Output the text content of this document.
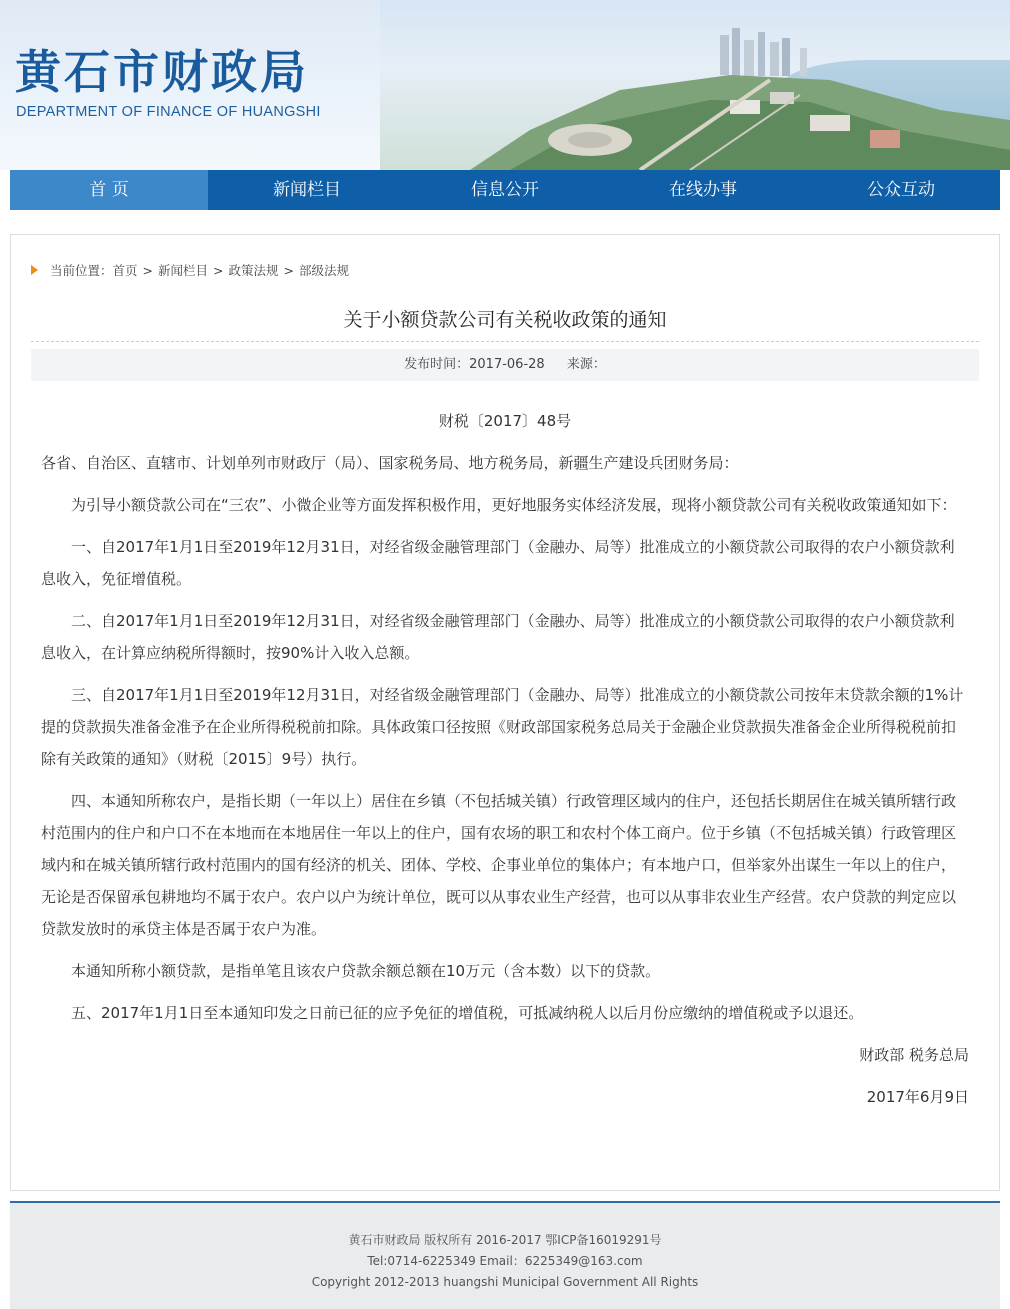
黄石市财政局
DEPARTMENT OF FINANCE OF HUANGSHI
首 页	新闻栏目	信息公开	在线办事	公众互动
当前位置： 首页 > 新闻栏目 > 政策法规 > 部级法规
关于小额贷款公司有关税收政策的通知
发布时间：2017-06-28 来源：

财税〔2017〕48号

各省、自治区、直辖市、计划单列市财政厅（局）、国家税务局、地方税务局，新疆生产建设兵团财务局：

为引导小额贷款公司在“三农”、小微企业等方面发挥积极作用，更好地服务实体经济发展，现将小额贷款公司有关税收政策通知如下：

一、自2017年1月1日至2019年12月31日，对经省级金融管理部门（金融办、局等）批准成立的小额贷款公司取得的农户小额贷款利息收入，免征增值税。

二、自2017年1月1日至2019年12月31日，对经省级金融管理部门（金融办、局等）批准成立的小额贷款公司取得的农户小额贷款利息收入，在计算应纳税所得额时，按90%计入收入总额。

三、自2017年1月1日至2019年12月31日，对经省级金融管理部门（金融办、局等）批准成立的小额贷款公司按年末贷款余额的1%计提的贷款损失准备金准予在企业所得税税前扣除。具体政策口径按照《财政部国家税务总局关于金融企业贷款损失准备金企业所得税税前扣除有关政策的通知》（财税〔2015〕9号）执行。

四、本通知所称农户，是指长期（一年以上）居住在乡镇（不包括城关镇）行政管理区域内的住户，还包括长期居住在城关镇所辖行政村范围内的住户和户口不在本地而在本地居住一年以上的住户，国有农场的职工和农村个体工商户。位于乡镇（不包括城关镇）行政管理区域内和在城关镇所辖行政村范围内的国有经济的机关、团体、学校、企事业单位的集体户；有本地户口，但举家外出谋生一年以上的住户，无论是否保留承包耕地均不属于农户。农户以户为统计单位，既可以从事农业生产经营，也可以从事非农业生产经营。农户贷款的判定应以贷款发放时的承贷主体是否属于农户为准。

本通知所称小额贷款，是指单笔且该农户贷款余额总额在10万元（含本数）以下的贷款。

五、2017年1月1日至本通知印发之日前已征的应予免征的增值税，可抵减纳税人以后月份应缴纳的增值税或予以退还。

财政部 税务总局

2017年6月9日

黄石市财政局 版权所有 2016-2017 鄂ICP备16019291号
Tel:0714-6225349 Email：6225349@163.com
Copyright 2012-2013 huangshi Municipal Government All Rights
